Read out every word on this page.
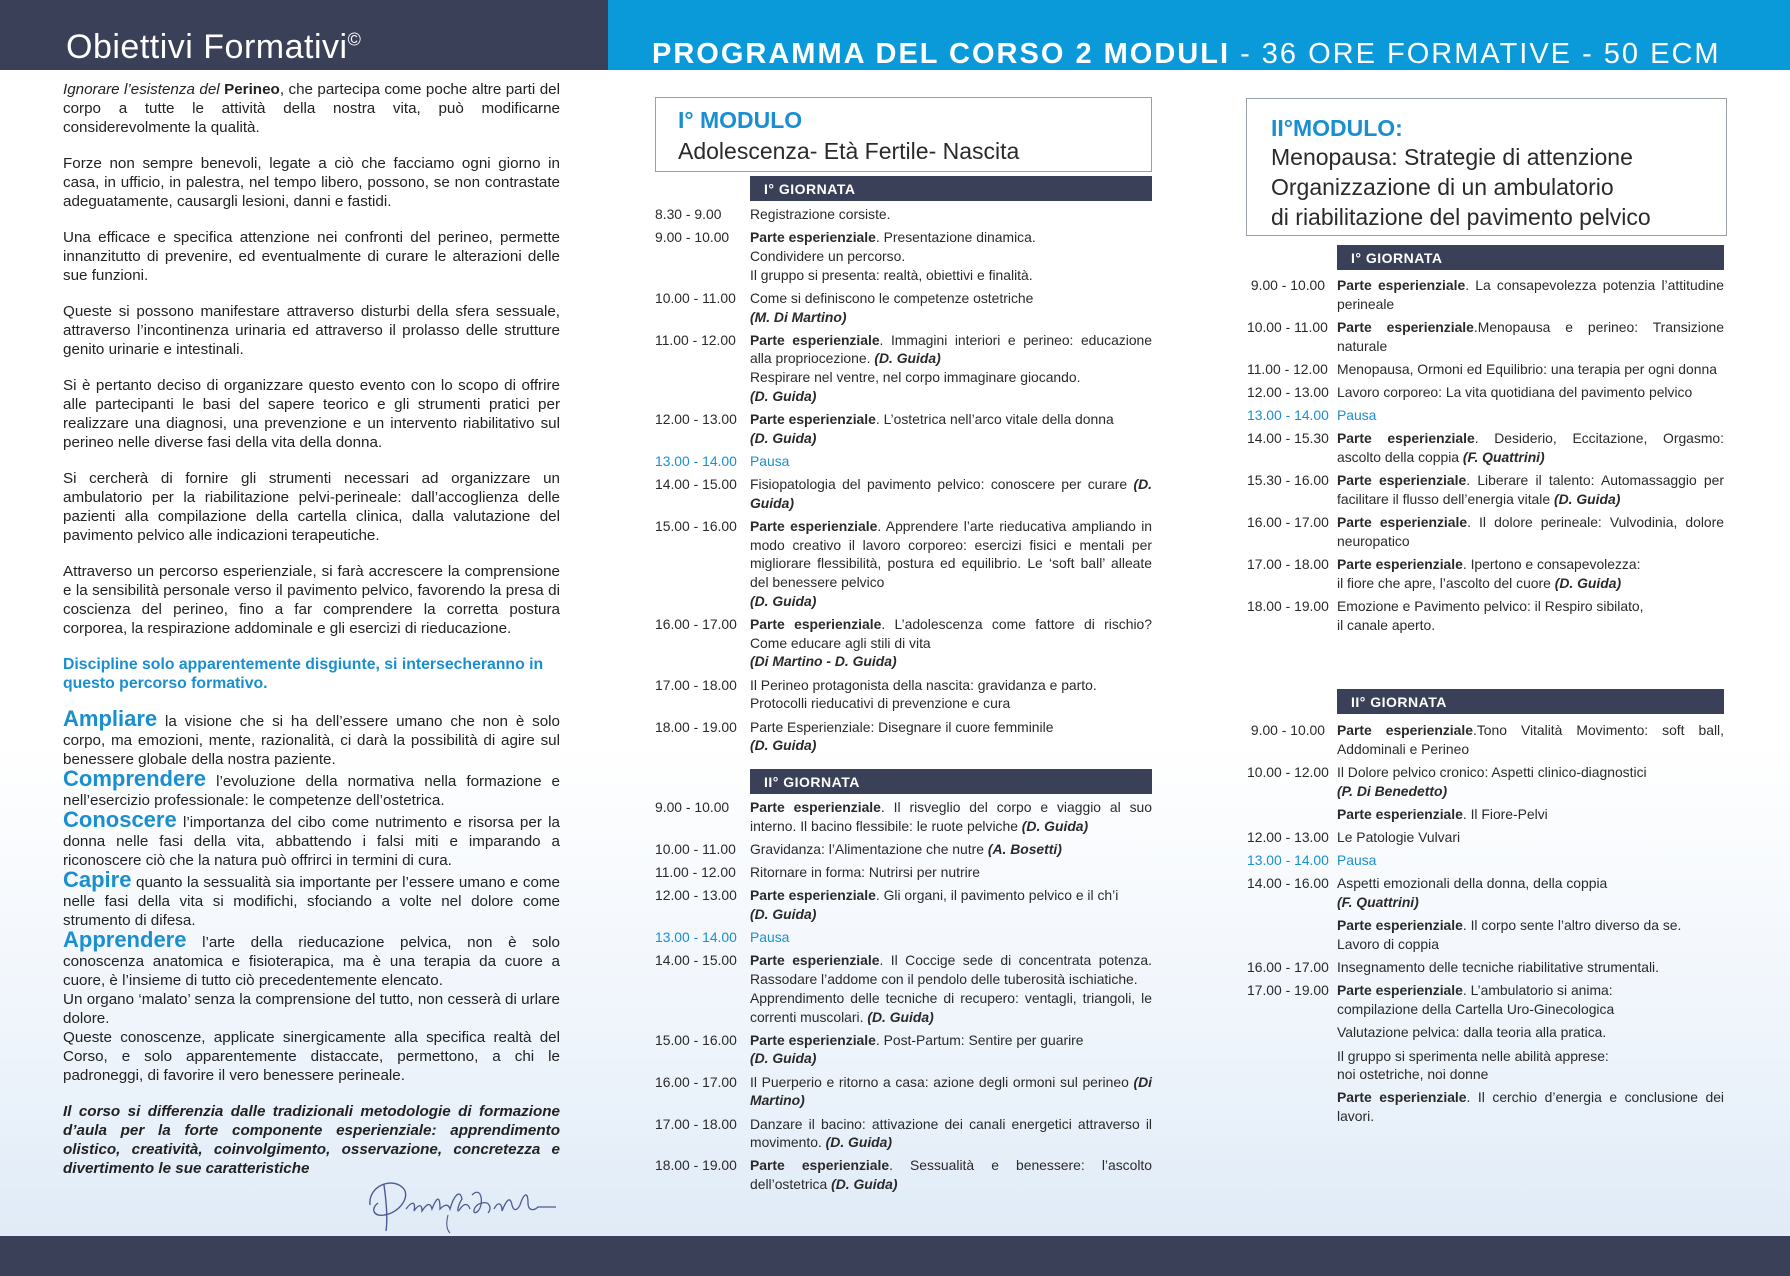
Obiettivi Formativi©	PROGRAMMA DEL CORSO 2 MODULI - 36 ORE FORMATIVE - 50 ECM

Ignorare l’esistenza del Perineo, che partecipa come poche altre parti del corpo a tutte le attività della nostra vita, può modificarne considerevolmente la qualità.

Forze non sempre benevoli, legate a ciò che facciamo ogni giorno in casa, in ufficio, in palestra, nel tempo libero, possono, se non contrastate adeguatamente, causargli lesioni, danni e fastidi.

Una efficace e specifica attenzione nei confronti del perineo, permette innanzitutto di prevenire, ed eventualmente di curare le alterazioni delle sue funzioni.

Queste si possono manifestare attraverso disturbi della sfera sessuale, attraverso l’incontinenza urinaria ed attraverso il prolasso delle strutture genito urinarie e intestinali.

Si è pertanto deciso di organizzare questo evento con lo scopo di offrire alle partecipanti le basi del sapere teorico e gli strumenti pratici per realizzare una diagnosi, una prevenzione e un intervento riabilitativo sul perineo nelle diverse fasi della vita della donna.

Si cercherà di fornire gli strumenti necessari ad organizzare un ambulatorio per la riabilitazione pelvi-perineale: dall’accoglienza delle pazienti alla compilazione della cartella clinica, dalla valutazione del pavimento pelvico alle indicazioni terapeutiche.

Attraverso un percorso esperienziale, si farà accrescere la comprensione e la sensibilità personale verso il pavimento pelvico, favorendo la presa di coscienza del perineo, fino a far comprendere la corretta postura corporea, la respirazione addominale e gli esercizi di rieducazione.

Discipline solo apparentemente disgiunte, si intersecheranno in questo percorso formativo.

Ampliare la visione che si ha dell’essere umano che non è solo corpo, ma emozioni, mente, razionalità, ci darà la possibilità di agire sul benessere globale della nostra paziente.

Comprendere l’evoluzione della normativa nella formazione e nell’esercizio professionale: le competenze dell’ostetrica.

Conoscere l’importanza del cibo come nutrimento e risorsa per la donna nelle fasi della vita, abbattendo i falsi miti e imparando a riconoscere ciò che la natura può offrirci in termini di cura.

Capire quanto la sessualità sia importante per l’essere umano e come nelle fasi della vita si modifichi, sfociando a volte nel dolore come strumento di difesa.

Apprendere l’arte della rieducazione pelvica, non è solo conoscenza anatomica e fisioterapica, ma è una terapia da cuore a cuore, è l’insieme di tutto ciò precedentemente elencato.

Un organo ‘malato’ senza la comprensione del tutto, non cesserà di urlare dolore.

Queste conoscenze, applicate sinergicamente alla specifica realtà del Corso, e solo apparentemente distaccate, permettono, a chi le padroneggi, di favorire il vero benessere perineale.

Il corso si differenzia dalle tradizionali metodologie di formazione d’aula per la forte componente esperienziale: apprendimento olistico, creatività, coinvolgimento, osservazione, concretezza e divertimento le sue caratteristiche

I° MODULO
Adolescenza- Età Fertile- Nascita
I° GIORNATA
8.30 - 9.00	Registrazione corsiste.
9.00 - 10.00	Parte esperienziale. Presentazione dinamica.
Condividere un percorso.
Il gruppo si presenta: realtà, obiettivi e finalità.
10.00 - 11.00	Come si definiscono le competenze ostetriche
(M. Di Martino)
11.00 - 12.00	Parte esperienziale. Immagini interiori e perineo: educazione alla propriocezione. (D. Guida)
Respirare nel ventre, nel corpo immaginare giocando.
(D. Guida)
12.00 - 13.00 Parte esperienziale. L’ostetrica nell’arco vitale della donna
(D. Guida)
13.00 - 14.00 Pausa
14.00 - 15.00 Fisiopatologia del pavimento pelvico: conoscere per curare (D. Guida)
15.00 - 16.00 Parte esperienziale. Apprendere l’arte rieducativa ampliando in modo creativo il lavoro corporeo: esercizi fisici e mentali per migliorare flessibilità, postura ed equilibrio. Le ‘soft ball’ alleate del benessere pelvico
(D. Guida)
16.00 - 17.00 Parte esperienziale. L’adolescenza come fattore di rischio? Come educare agli stili di vita
(Di Martino - D. Guida)
17.00 - 18.00 Il Perineo protagonista della nascita: gravidanza e parto.
Protocolli rieducativi di prevenzione e cura
18.00 - 19.00 Parte Esperienziale: Disegnare il cuore femminile
(D. Guida)
II° GIORNATA
9.00 - 10.00	Parte esperienziale. Il risveglio del corpo e viaggio al suo interno. Il bacino flessibile: le ruote pelviche (D. Guida)
10.00 - 11.00	Gravidanza: l’Alimentazione che nutre (A. Bosetti)
11.00 - 12.00	Ritornare in forma: Nutrirsi per nutrire
12.00 - 13.00 Parte esperienziale. Gli organi, il pavimento pelvico e il ch’i
(D. Guida)
13.00 - 14.00 Pausa
14.00 - 15.00 Parte esperienziale. Il Coccige sede di concentrata potenza. Rassodare l’addome con il pendolo delle tuberosità ischiatiche.
Apprendimento delle tecniche di recupero: ventagli, triangoli, le correnti muscolari. (D. Guida)
15.00 - 16.00 Parte esperienziale. Post-Partum: Sentire per guarire
(D. Guida)
16.00 - 17.00 Il Puerperio e ritorno a casa: azione degli ormoni sul perineo (Di Martino)
17.00 - 18.00 Danzare il bacino: attivazione dei canali energetici attraverso il movimento. (D. Guida)
18.00 - 19.00 Parte esperienziale. Sessualità e benessere: l’ascolto dell’ostetrica (D. Guida)
II°MODULO:
Menopausa: Strategie di attenzione
Organizzazione di un ambulatorio
di riabilitazione del pavimento pelvico
I° GIORNATA
9.00 - 10.00 Parte esperienziale. La consapevolezza potenzia l’attitudine perineale
10.00 - 11.00 Parte esperienziale.Menopausa e perineo: Transizione naturale
11.00 - 12.00 Menopausa, Ormoni ed Equilibrio: una terapia per ogni donna
12.00 - 13.00 Lavoro corporeo: La vita quotidiana del pavimento pelvico
13.00 - 14.00 Pausa
14.00 - 15.30 Parte esperienziale. Desiderio, Eccitazione, Orgasmo: ascolto della coppia (F. Quattrini)
15.30 - 16.00 Parte esperienziale. Liberare il talento: Automassaggio per facilitare il flusso dell’energia vitale (D. Guida)
16.00 - 17.00 Parte esperienziale. Il dolore perineale: Vulvodinia, dolore neuropatico
17.00 - 18.00 Parte esperienziale. Ipertono e consapevolezza:
il fiore che apre, l’ascolto del cuore (D. Guida)
18.00 - 19.00 Emozione e Pavimento pelvico: il Respiro sibilato,
il canale aperto.
II° GIORNATA
9.00 - 10.00 Parte esperienziale.Tono Vitalità Movimento: soft ball, Addominali e Perineo
10.00 - 12.00 Il Dolore pelvico cronico: Aspetti clinico-diagnostici
(P. Di Benedetto)
Parte esperienziale. Il Fiore-Pelvi
12.00 - 13.00 Le Patologie Vulvari
13.00 - 14.00 Pausa
14.00 - 16.00 Aspetti emozionali della donna, della coppia
(F. Quattrini)
Parte esperienziale. Il corpo sente l’altro diverso da se.
Lavoro di coppia
16.00 - 17.00 Insegnamento delle tecniche riabilitative strumentali.
17.00 - 19.00 Parte esperienziale. L’ambulatorio si anima:
compilazione della Cartella Uro-Ginecologica
Valutazione pelvica: dalla teoria alla pratica.
Il gruppo si sperimenta nelle abilità apprese:
noi ostetriche, noi donne
Parte esperienziale. Il cerchio d’energia e conclusione dei lavori.
